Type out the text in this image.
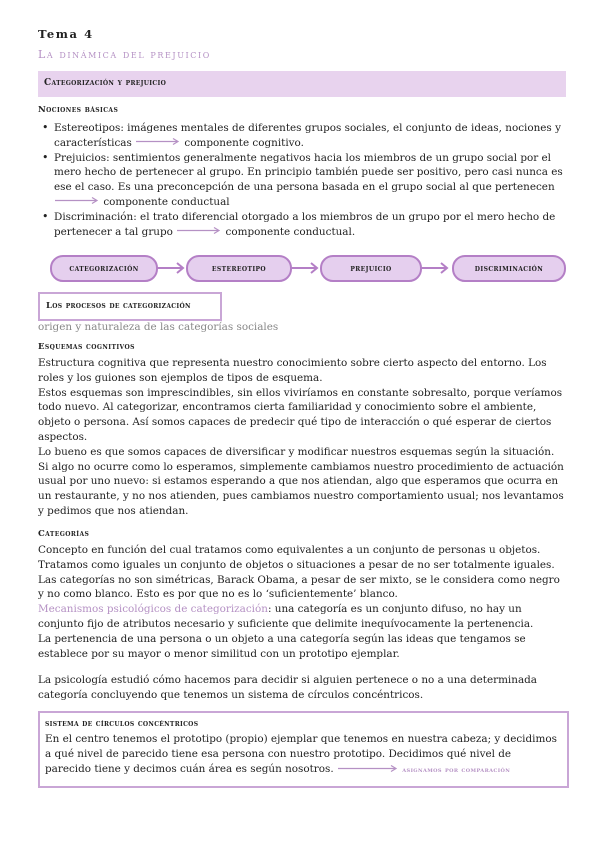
Tema 4
La dinámica del prejuicio
Categorización y prejuicio
Nociones básicas
• Estereotipos: imágenes mentales de diferentes grupos sociales, el conjunto de ideas, nociones y características	componente cognitivo.
• Prejuicios: sentimientos generalmente negativos hacia los miembros de un grupo social por el mero hecho de pertenecer al grupo. En principio también puede ser positivo, pero casi nunca es ese el caso. Es una preconcepción de una persona basada en el grupo social al que pertenecen

componente conductual
• Discriminación: el trato diferencial otorgado a los miembros de un grupo por el mero hecho de pertenecer a tal grupo	componente conductual.
categorización	estereotipo	prejuicio	discriminación
Los procesos de categorización
origen y naturaleza de las categorías sociales
Esquemas cognitivos

Estructura cognitiva que representa nuestro conocimiento sobre cierto aspecto del entorno. Los roles y los guiones son ejemplos de tipos de esquema.

Estos esquemas son imprescindibles, sin ellos viviríamos en constante sobresalto, porque veríamos todo nuevo. Al categorizar, encontramos cierta familiaridad y conocimiento sobre el ambiente, objeto o persona. Así somos capaces de predecir qué tipo de interacción o qué esperar de ciertos aspectos.

Lo bueno es que somos capaces de diversificar y modificar nuestros esquemas según la situación. Si algo no ocurre como lo esperamos, simplemente cambiamos nuestro procedimiento de actuación usual por uno nuevo: si estamos esperando a que nos atiendan, algo que esperamos que ocurra en un restaurante, y no nos atienden, pues cambiamos nuestro comportamiento usual; nos levantamos y pedimos que nos atiendan.

Categorías

Concepto en función del cual tratamos como equivalentes a un conjunto de personas u objetos.

Tratamos como iguales un conjunto de objetos o situaciones a pesar de no ser totalmente iguales.

Las categorías no son simétricas, Barack Obama, a pesar de ser mixto, se le considera como negro y no como blanco. Esto es por que no es lo ‘suficientemente’ blanco.

Mecanismos psicológicos de categorización: una categoría es un conjunto difuso, no hay un conjunto fijo de atributos necesario y suficiente que delimite inequívocamente la pertenencia.

La pertenencia de una persona o un objeto a una categoría según las ideas que tengamos se establece por su mayor o menor similitud con un prototipo ejemplar.

La psicología estudió cómo hacemos para decidir si alguien pertenece o no a una determinada categoría concluyendo que tenemos un sistema de círculos concéntricos.

sistema de círculos concéntricos
En el centro tenemos el prototipo (propio) ejemplar que tenemos en nuestra cabeza; y decidimos a qué nivel de parecido tiene esa persona con nuestro prototipo. Decidimos qué nivel de parecido tiene y decimos cuán área es según nosotros.	asignamos por comparación
